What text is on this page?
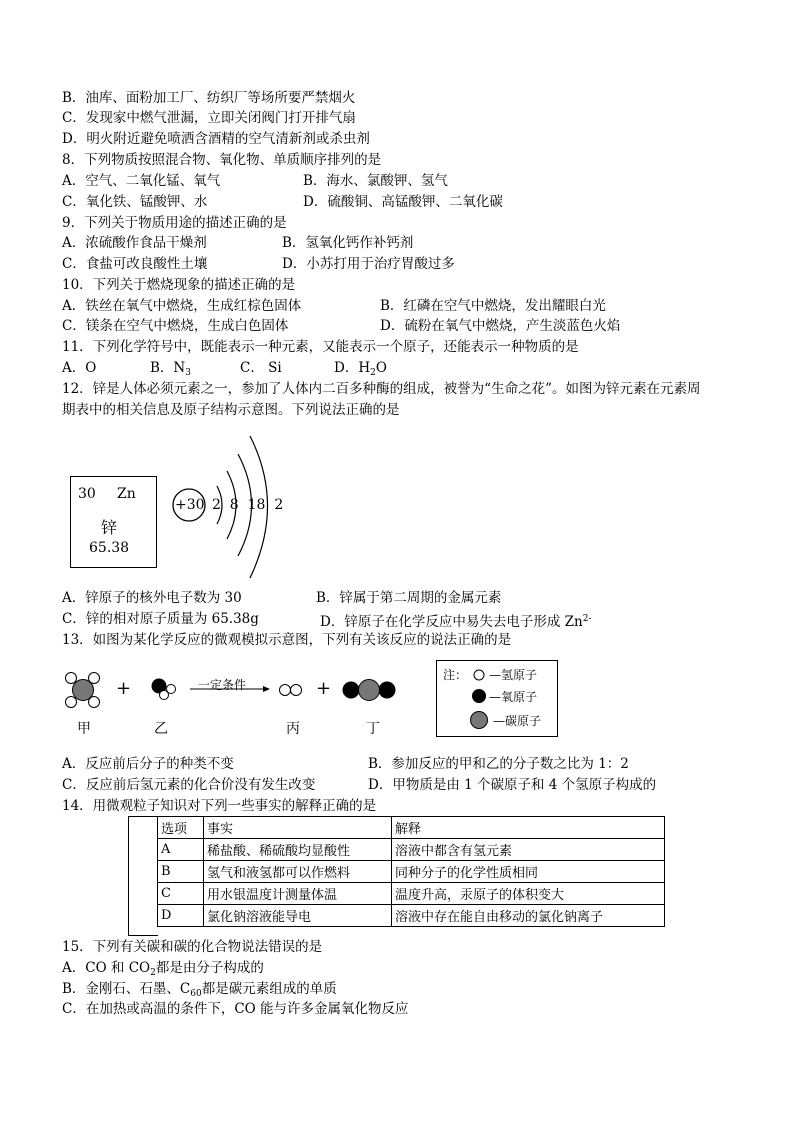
B．油库、面粉加工厂、纺织厂等场所要严禁烟火
C．发现家中燃气泄漏，立即关闭阀门打开排气扇
D．明火附近避免喷洒含酒精的空气清新剂或杀虫剂
8．下列物质按照混合物、氧化物、单质顺序排列的是
A．空气、二氧化锰、氧气	B．海水、氯酸钾、氢气
C．氧化铁、锰酸钾、水	D．硫酸铜、高锰酸钾、二氧化碳
9．下列关于物质用途的描述正确的是
A．浓硫酸作食品干燥剂	B．氢氧化钙作补钙剂
C．食盐可改良酸性土壤	D．小苏打用于治疗胃酸过多
10．下列关于燃烧现象的描述正确的是
A．铁丝在氧气中燃烧，生成红棕色固体	B．红磷在空气中燃烧，发出耀眼白光
C．镁条在空气中燃烧，生成白色固体	D．硫粉在氧气中燃烧，产生淡蓝色火焰
11．下列化学符号中，既能表示一种元素，又能表示一个原子，还能表示一种物质的是
A．O	B．$N_3$	C． Si	D．$H_2O$
12．锌是人体必须元素之一，参加了人体内二百多种酶的组成，被誉为“生命之花”。如图为锌元素在元素周
期表中的相关信息及原子结构示意图。下列说法正确的是
30 Zn
锌
65.38
+30 2  8  18  2
A．锌原子的核外电子数为 30	B．锌属于第二周期的金属元素
C．锌的相对原子质量为 65.38g	D．锌原子在化学反应中易失去电子形成 $Zn^{2-}$
13．如图为某化学反应的微观模拟示意图，下列有关该反应的说法正确的是
一定条件
+	+
甲	乙	丙	丁
注： —氢原子
—氧原子
—碳原子
A．反应前后分子的种类不变	B．参加反应的甲和乙的分子数之比为 1：2
C．反应前后氢元素的化合价没有发生改变	D．甲物质是由 1 个碳原子和 4 个氢原子构成的
14．用微观粒子知识对下列一些事实的解释正确的是
选项	事实	解释
A	稀盐酸、稀硫酸均显酸性	溶液中都含有氢元素
B	氢气和液氢都可以作燃料	同种分子的化学性质相同
C	用水银温度计测量体温	温度升高，汞原子的体积变大
D	氯化钠溶液能导电	溶液中存在能自由移动的氯化钠离子
15．下列有关碳和碳的化合物说法错误的是
A．CO 和 $CO_2$都是由分子构成的
B．金刚石、石墨、$C_{60}$都是碳元素组成的单质
C．在加热或高温的条件下，CO 能与许多金属氧化物反应
